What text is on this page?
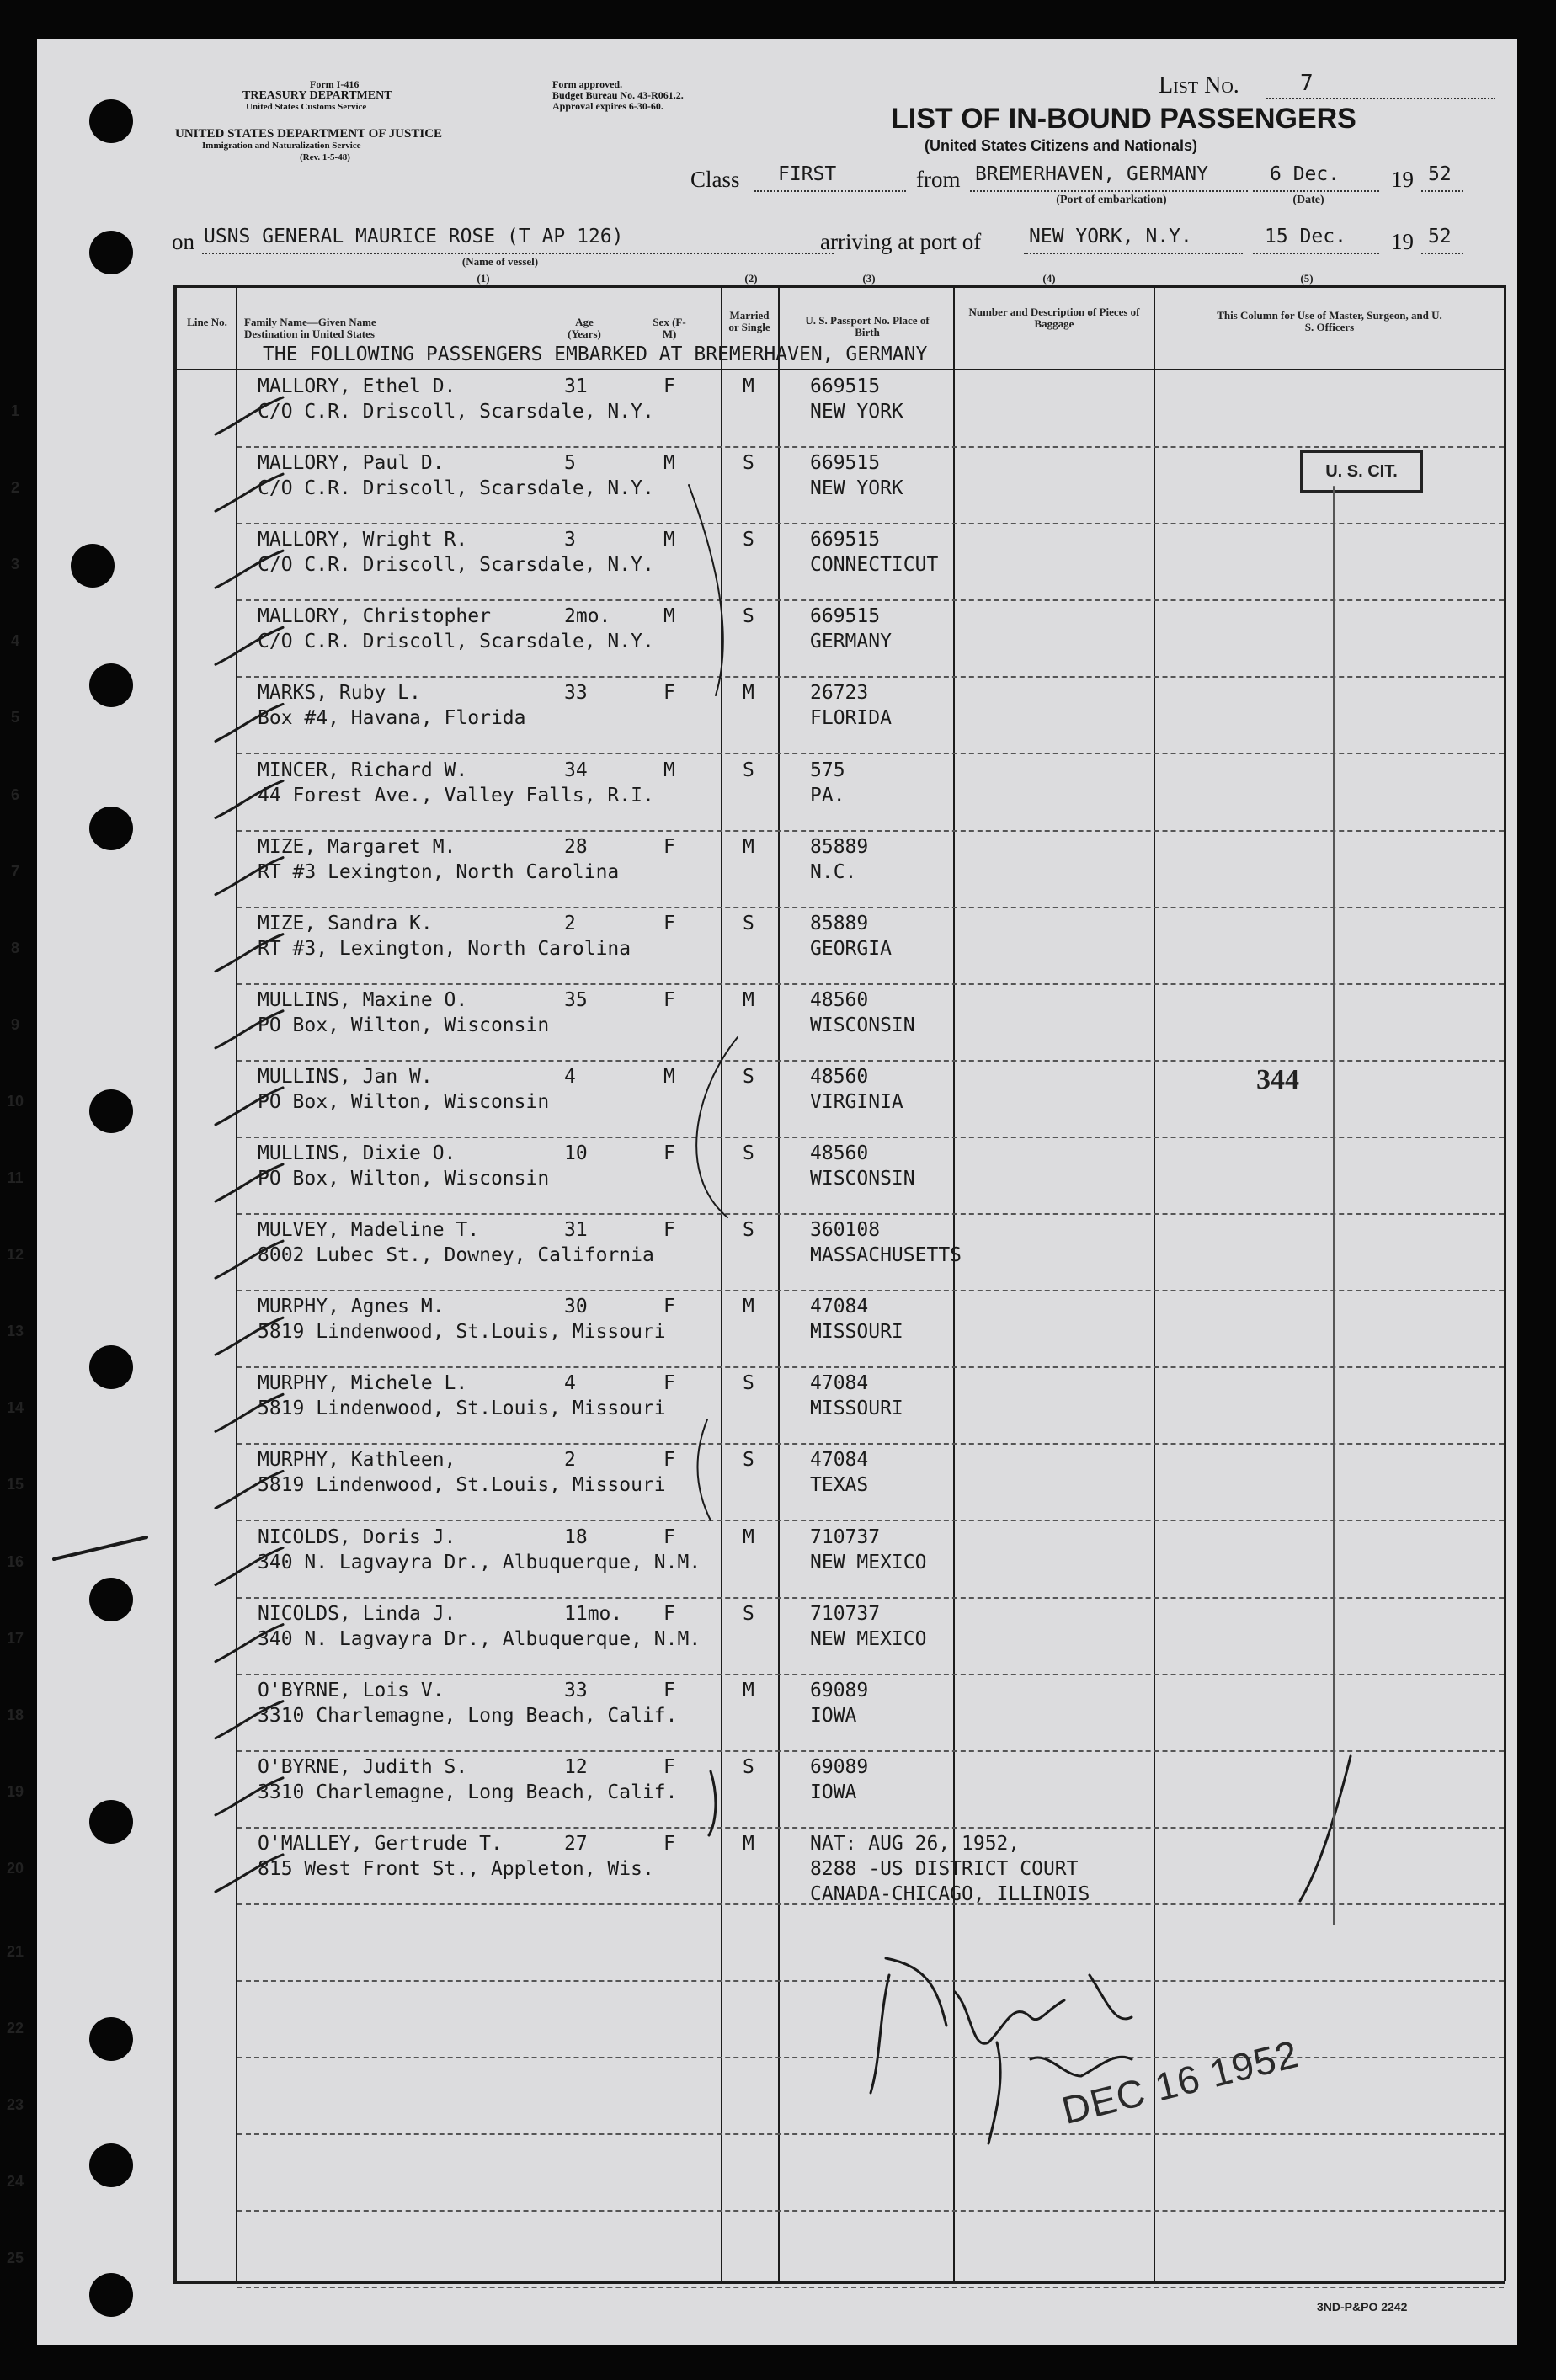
Form I-416
TREASURY DEPARTMENT
United States Customs Service
UNITED STATES DEPARTMENT OF JUSTICE
Immigration and Naturalization Service
(Rev. 1-5-48)
Form approved.
Budget Bureau No. 43-R061.2.
Approval expires 6-30-60.
List No.	7
LIST OF IN-BOUND PASSENGERS
(United States Citizens and Nationals)
Class FIRST	from BREMERHAVEN, GERMANY
(Port of embarkation)
6 Dec.
(Date)
19 52
on USNS GENERAL MAURICE ROSE (T AP 126)
(Name of vessel)
arriving at port of NEW YORK, N.Y.	15 Dec. 19 52
(1)	(2)	(3)	(4)	(5)
Line No.	Family Name—Given Name
Destination in United States
Age (Years)
Sex (F-M)
Married or Single
U. S. Passport No. Place of Birth
Number and Description of Pieces of Baggage
This Column for Use of Master, Surgeon, and U. S. Officers
THE FOLLOWING PASSENGERS EMBARKED AT BREMERHAVEN, GERMANY
1
MALLORY, Ethel D.
C/O C.R. Driscoll, Scarsdale, N.Y.
31	F	M	669515
NEW YORK
2
MALLORY, Paul D.
C/O C.R. Driscoll, Scarsdale, N.Y.
5	M	S	669515
NEW YORK
3
MALLORY, Wright R.
C/O C.R. Driscoll, Scarsdale, N.Y.
3	M	S	669515
CONNECTICUT
4
MALLORY, Christopher
C/O C.R. Driscoll, Scarsdale, N.Y.
2mo.	M	S	669515
GERMANY
5
MARKS, Ruby L.
Box #4, Havana, Florida
33	F	M	26723
FLORIDA
6
MINCER, Richard W.
44 Forest Ave., Valley Falls, R.I.
34	M	S	575
PA.
7
MIZE, Margaret M.
RT #3 Lexington, North Carolina
28	F	M	85889
N.C.
8
MIZE, Sandra K.
RT #3, Lexington, North Carolina
2	F	S	85889
GEORGIA
9
MULLINS, Maxine O.
PO Box, Wilton, Wisconsin
35	F	M	48560
WISCONSIN
10
MULLINS, Jan W.
PO Box, Wilton, Wisconsin
4	M	S	48560
VIRGINIA
11
MULLINS, Dixie O.
PO Box, Wilton, Wisconsin
10	F	S	48560
WISCONSIN
12
MULVEY, Madeline T.
8002 Lubec St., Downey, California
31	F	S	360108
MASSACHUSETTS
13
MURPHY, Agnes M.
5819 Lindenwood, St.Louis, Missouri
30	F	M	47084
MISSOURI
14
MURPHY, Michele L.
5819 Lindenwood, St.Louis, Missouri
4	F	S	47084
MISSOURI
15
MURPHY, Kathleen,
5819 Lindenwood, St.Louis, Missouri
2	F	S	47084
TEXAS
16
NICOLDS, Doris J.
340 N. Lagvayra Dr., Albuquerque, N.M.
18	F	M	710737
NEW MEXICO
17
NICOLDS, Linda J.
340 N. Lagvayra Dr., Albuquerque, N.M.
11mo. F	S	710737
NEW MEXICO
18
O'BYRNE, Lois V.
3310 Charlemagne, Long Beach, Calif.
33	F	M	69089
IOWA
19
O'BYRNE, Judith S.
3310 Charlemagne, Long Beach, Calif.
12	F	S	69089
IOWA
20
O'MALLEY, Gertrude T.
815 West Front St., Appleton, Wis.
27	F	M	NAT: AUG 26, 1952,
8288 -US DISTRICT COURT
CANADA-CHICAGO, ILLINOIS
21
22
23
24
25
U. S. CIT.
344
DEC 16 1952
3ND-P&PO 2242
